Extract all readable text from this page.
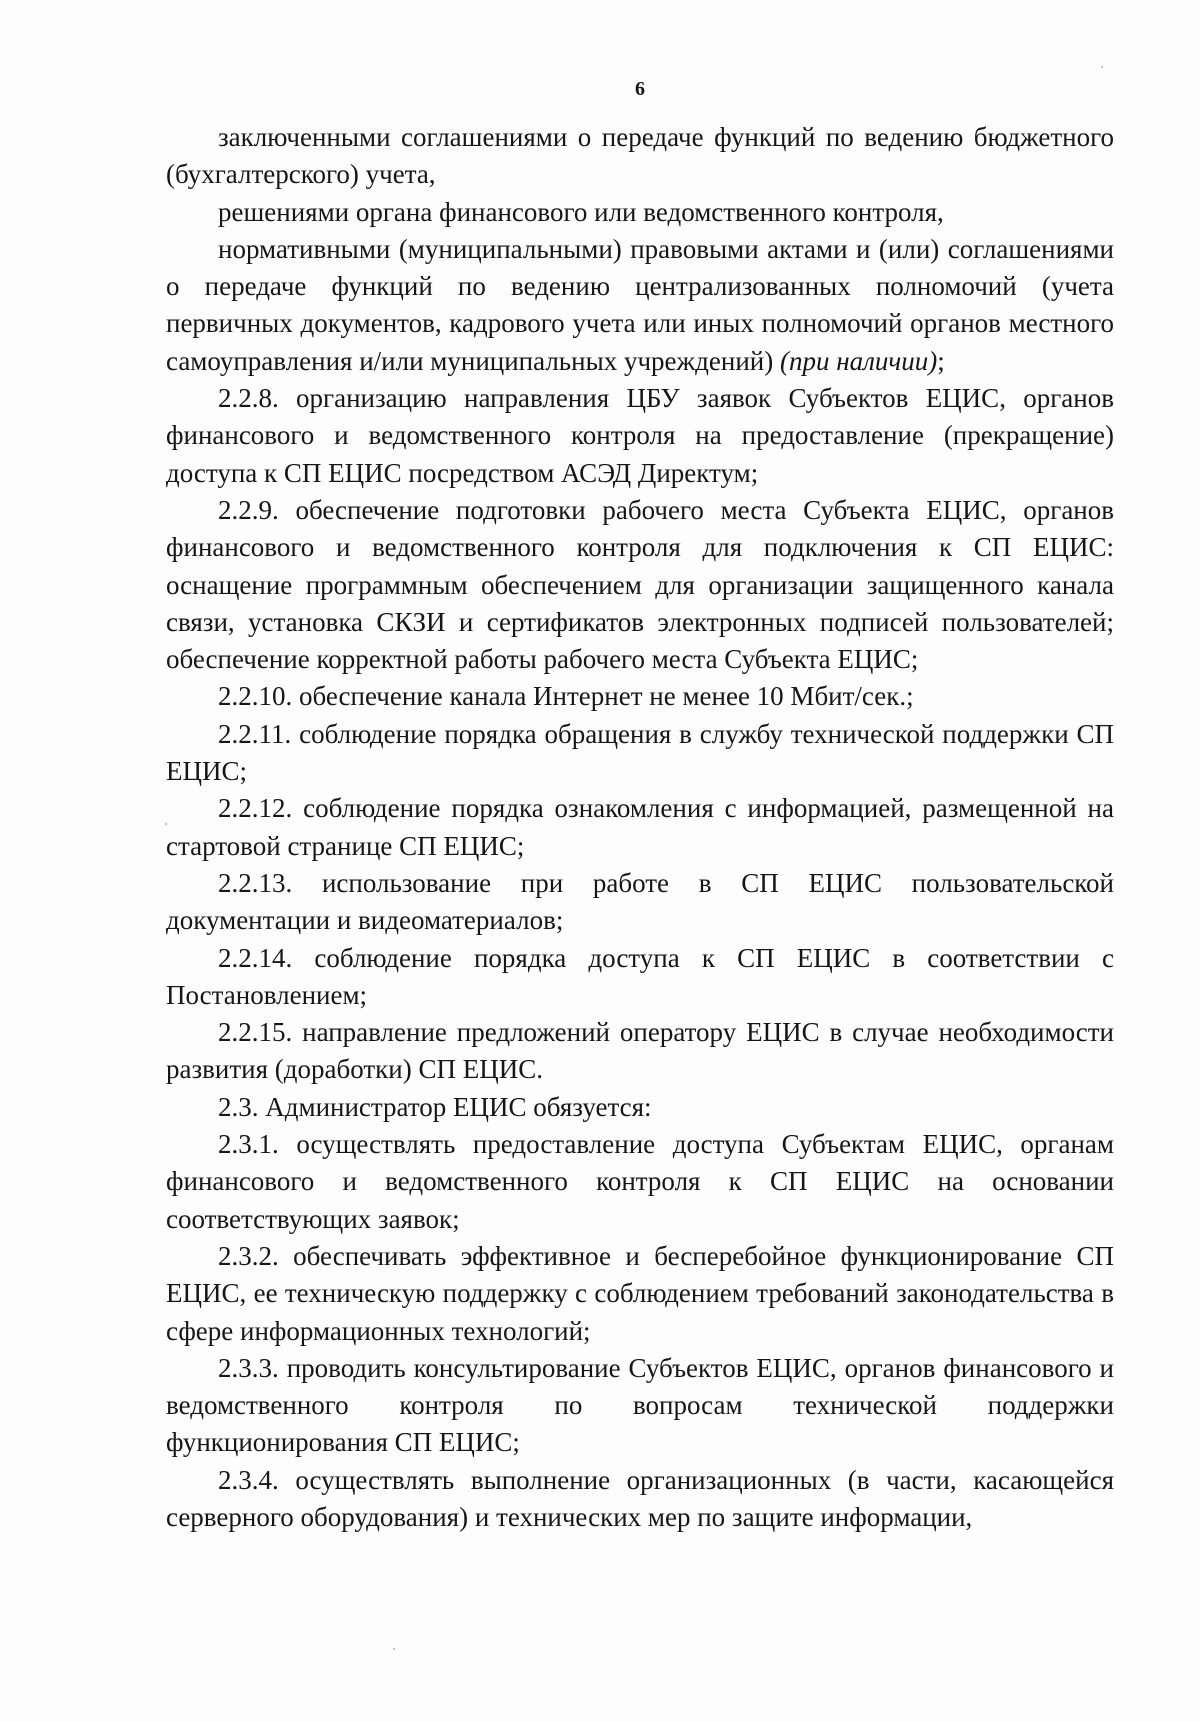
6

заключенными соглашениями о передаче функций по ведению бюджетного (бухгалтерского) учета,

решениями органа финансового или ведомственного контроля,

нормативными (муниципальными) правовыми актами и (или) соглашениями о передаче функций по ведению централизованных полномочий (учета первичных документов, кадрового учета или иных полномочий органов местного самоуправления и/или муниципальных учреждений) (при наличии);

2.2.8. организацию направления ЦБУ заявок Субъектов ЕЦИС, органов финансового и ведомственного контроля на предоставление (прекращение) доступа к СП ЕЦИС посредством АСЭД Директум;

2.2.9. обеспечение подготовки рабочего места Субъекта ЕЦИС, органов финансового и ведомственного контроля для подключения к СП ЕЦИС: оснащение программным обеспечением для организации защищенного канала связи, установка СКЗИ и сертификатов электронных подписей пользователей; обеспечение корректной работы рабочего места Субъекта ЕЦИС;

2.2.10. обеспечение канала Интернет не менее 10 Мбит/сек.;

2.2.11. соблюдение порядка обращения в службу технической поддержки СП ЕЦИС;

2.2.12. соблюдение порядка ознакомления с информацией, размещенной на стартовой странице СП ЕЦИС;

2.2.13. использование при работе в СП ЕЦИС пользовательской документации и видеоматериалов;

2.2.14. соблюдение порядка доступа к СП ЕЦИС в соответствии с Постановлением;

2.2.15. направление предложений оператору ЕЦИС в случае необходимости развития (доработки) СП ЕЦИС.

2.3. Администратор ЕЦИС обязуется:

2.3.1. осуществлять предоставление доступа Субъектам ЕЦИС, органам финансового и ведомственного контроля к СП ЕЦИС на основании соответствующих заявок;

2.3.2. обеспечивать эффективное и бесперебойное функционирование СП ЕЦИС, ее техническую поддержку с соблюдением требований законодательства в сфере информационных технологий;

2.3.3. проводить консультирование Субъектов ЕЦИС, органов финансового и ведомственного контроля по вопросам технической поддержки функционирования СП ЕЦИС;

2.3.4. осуществлять выполнение организационных (в части, касающейся серверного оборудования) и технических мер по защите информации,
